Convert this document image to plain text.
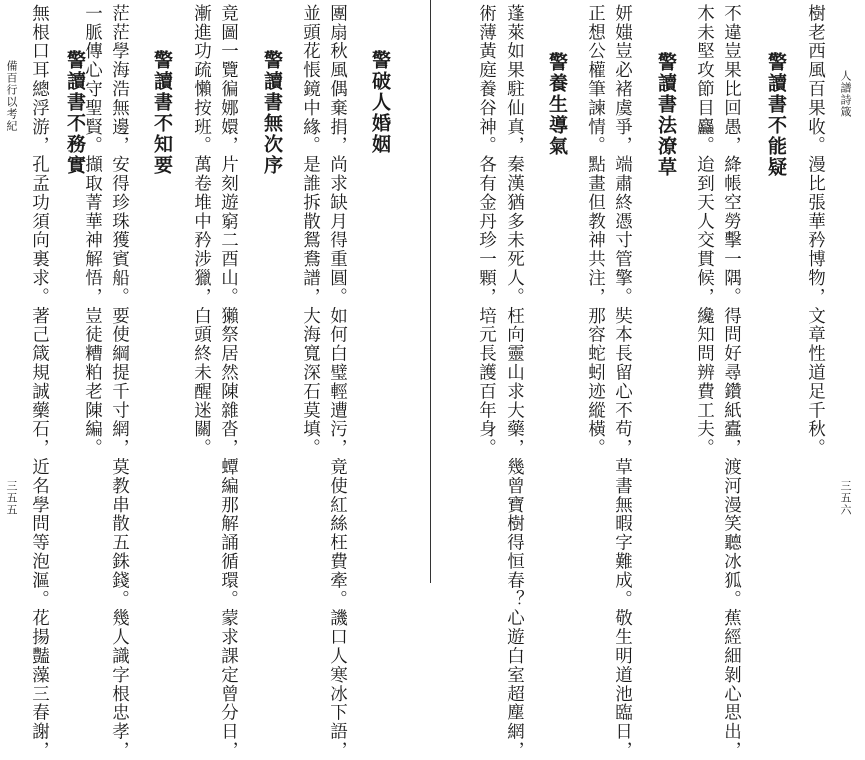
人譜詩箴
三五六
樹老西風百果收。漫比張華矜博物，文章性道足千秋。
警讀書不能疑
不違豈果比回愚，絳帳空勞擊一隅。得問好尋鑽紙蠹，渡河漫笑聽冰狐。蕉經細剝心思出，
木未堅攻節目麤。迨到天人交貫候，纔知問辨費工夫。
警讀書法潦草
妍媸豈必褚虞爭，端肅終憑寸管擎。奘本長留心不苟，草書無暇字難成。敬生明道池臨日，
正想公權筆諫情。點畫但教神共注，那容蛇蚓迹縱橫。
警養生導氣
蓬萊如果駐仙真，秦漢猶多未死人。枉向靈山求大藥，幾曾寶樹得恒春？心遊白室超塵網，
術薄黃庭養谷神。各有金丹珍一顆，培元長護百年身。
備百行以考紀
三五五
警破人婚姻
團扇秋風偶棄捐，尚求缺月得重圓。如何白璧輕遭污，竟使紅絲枉費牽。譏口人寒冰下語，
並頭花悵鏡中緣。是誰拆散鴛鴦譜，大海寬深石莫填。
警讀書無次序
竟圖一覽徧娜嬛，片刻遊窮二酉山。獺祭居然陳雜沓，蟫編那解誦循環。蒙求課定曾分日，
漸進功疏懶按班。萬卷堆中矜涉獵，白頭終未醒迷關。
警讀書不知要
茫茫學海浩無邊，安得珍珠獲賓船。要使綱提千寸網，莫教串散五銖錢。幾人識字根忠孝，
一脈傳心守聖賢。擷取菁華神解悟，豈徒糟粕老陳編。
警讀書不務實
無根口耳總浮游，孔孟功須向裏求。著己箴規誠藥石，近名學問等泡漚。花揚豔藻三春謝，
